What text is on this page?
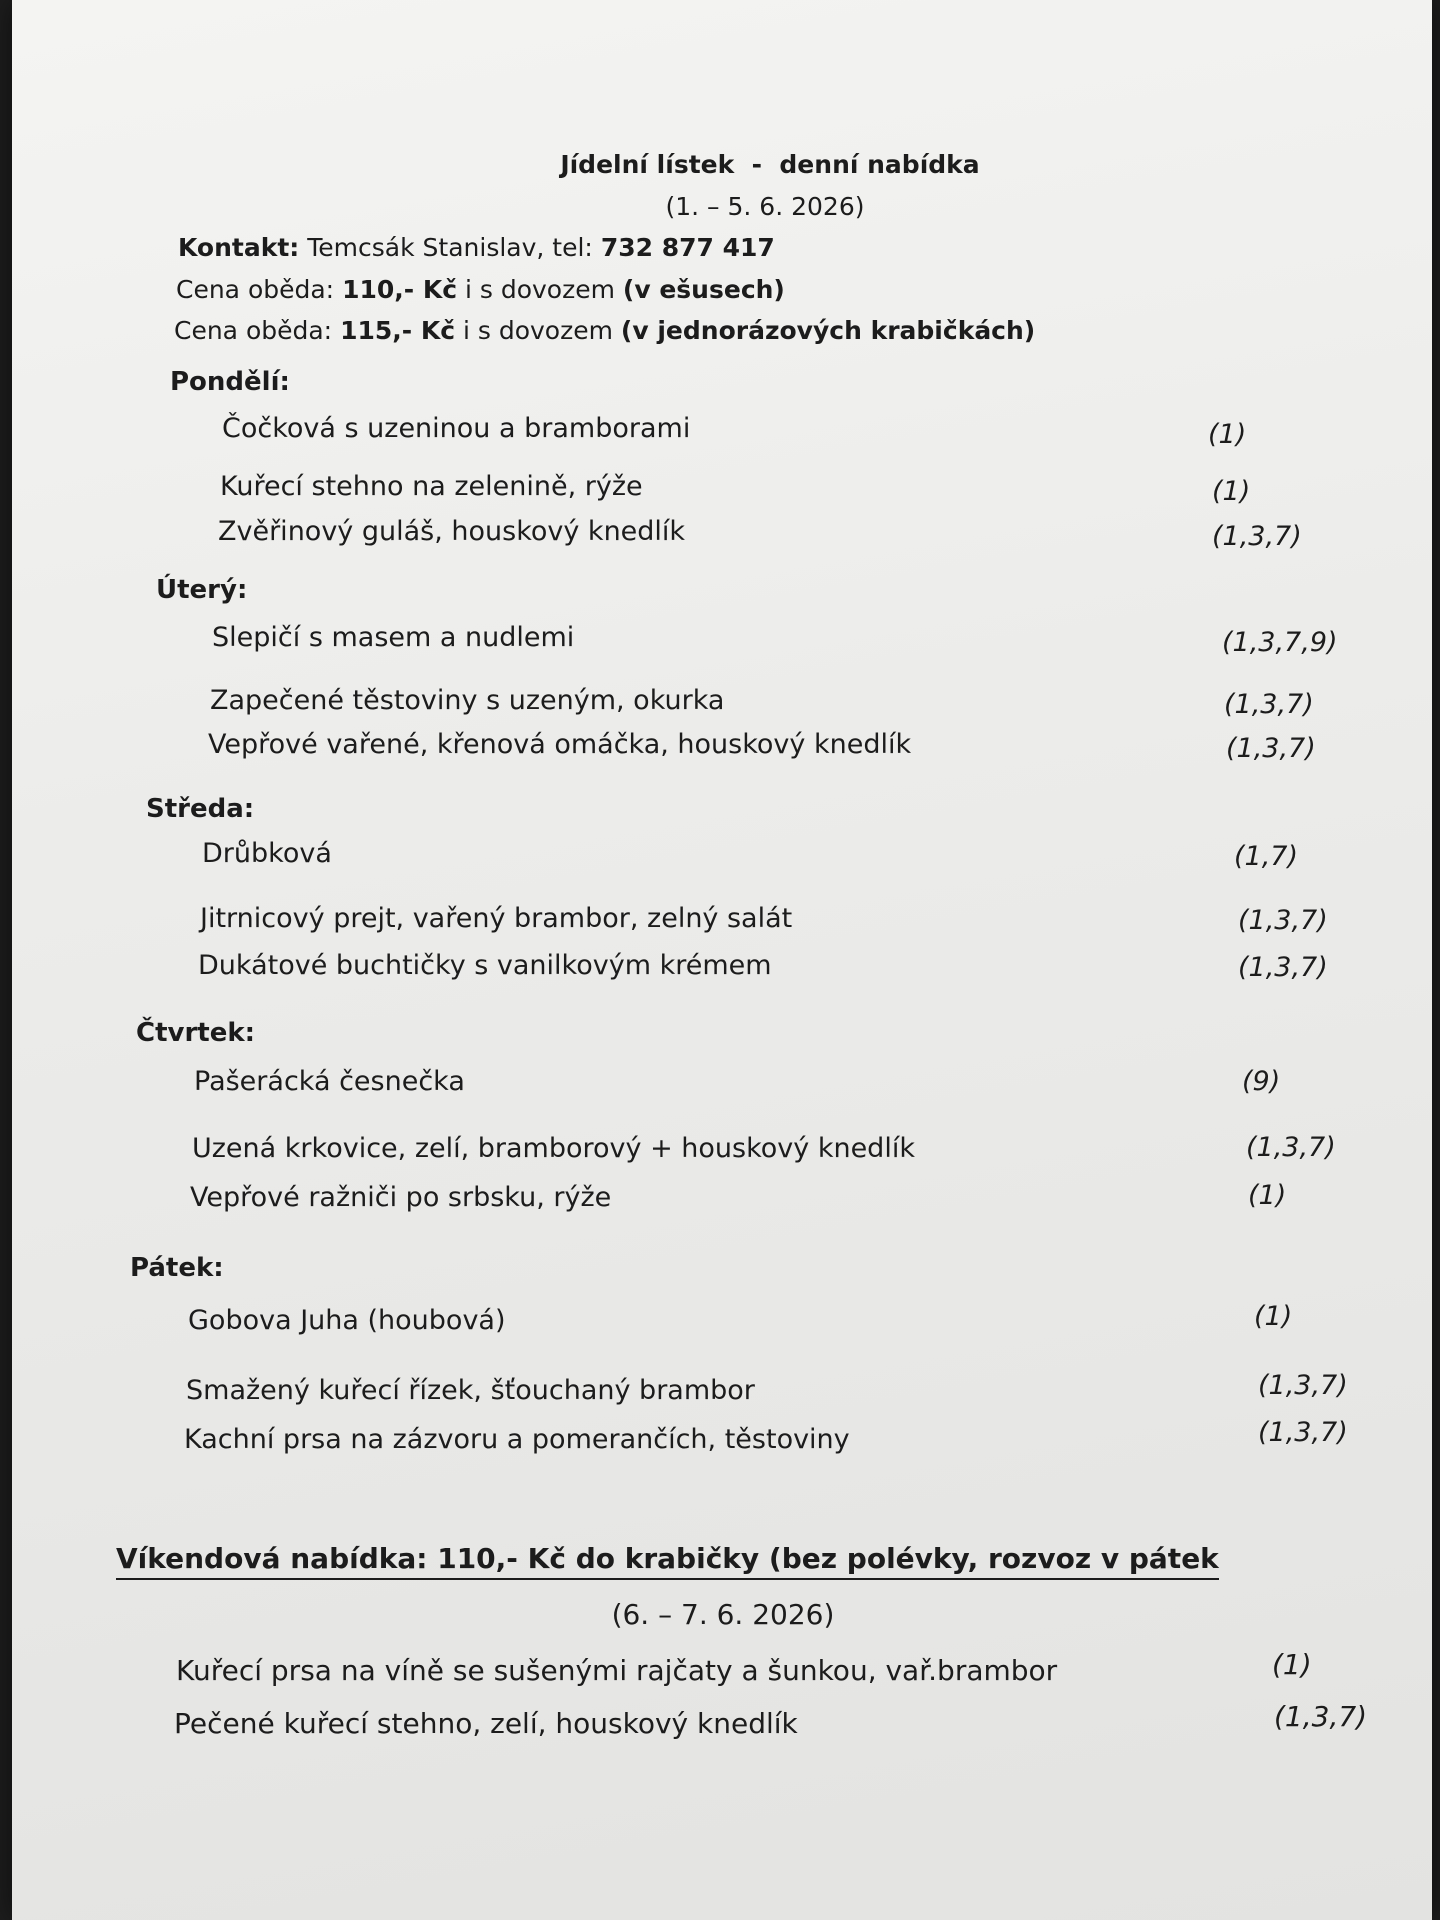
Jídelní lístek  -  denní nabídka
(1. – 5. 6. 2026)
Kontakt: Temcsák Stanislav, tel: 732 877 417
Cena oběda: 110,- Kč i s dovozem (v ešusech)
Cena oběda: 115,- Kč i s dovozem (v jednorázových krabičkách)
Pondělí:
Čočková s uzeninou a bramborami	(1)
Kuřecí stehno na zelenině, rýže	(1)
Zvěřinový guláš, houskový knedlík	(1,3,7)
Úterý:
Slepičí s masem a nudlemi	(1,3,7,9)
Zapečené těstoviny s uzeným, okurka	(1,3,7)
Vepřové vařené, křenová omáčka, houskový knedlík	(1,3,7)
Středa:
Drůbková	(1,7)
Jitrnicový prejt, vařený brambor, zelný salát	(1,3,7)
Dukátové buchtičky s vanilkovým krémem	(1,3,7)
Čtvrtek:
Pašerácká česnečka	(9)
Uzená krkovice, zelí, bramborový + houskový knedlík	(1,3,7)
Vepřové ražniči po srbsku, rýže	(1)
Pátek:
Gobova Juha (houbová)	(1)
Smažený kuřecí řízek, šťouchaný brambor	(1,3,7)
Kachní prsa na zázvoru a pomerančích, těstoviny	(1,3,7)
Víkendová nabídka: 110,- Kč do krabičky (bez polévky, rozvoz v pátek
(6. – 7. 6. 2026)
Kuřecí prsa na víně se sušenými rajčaty a šunkou, vař.brambor	(1)
Pečené kuřecí stehno, zelí, houskový knedlík	(1,3,7)
